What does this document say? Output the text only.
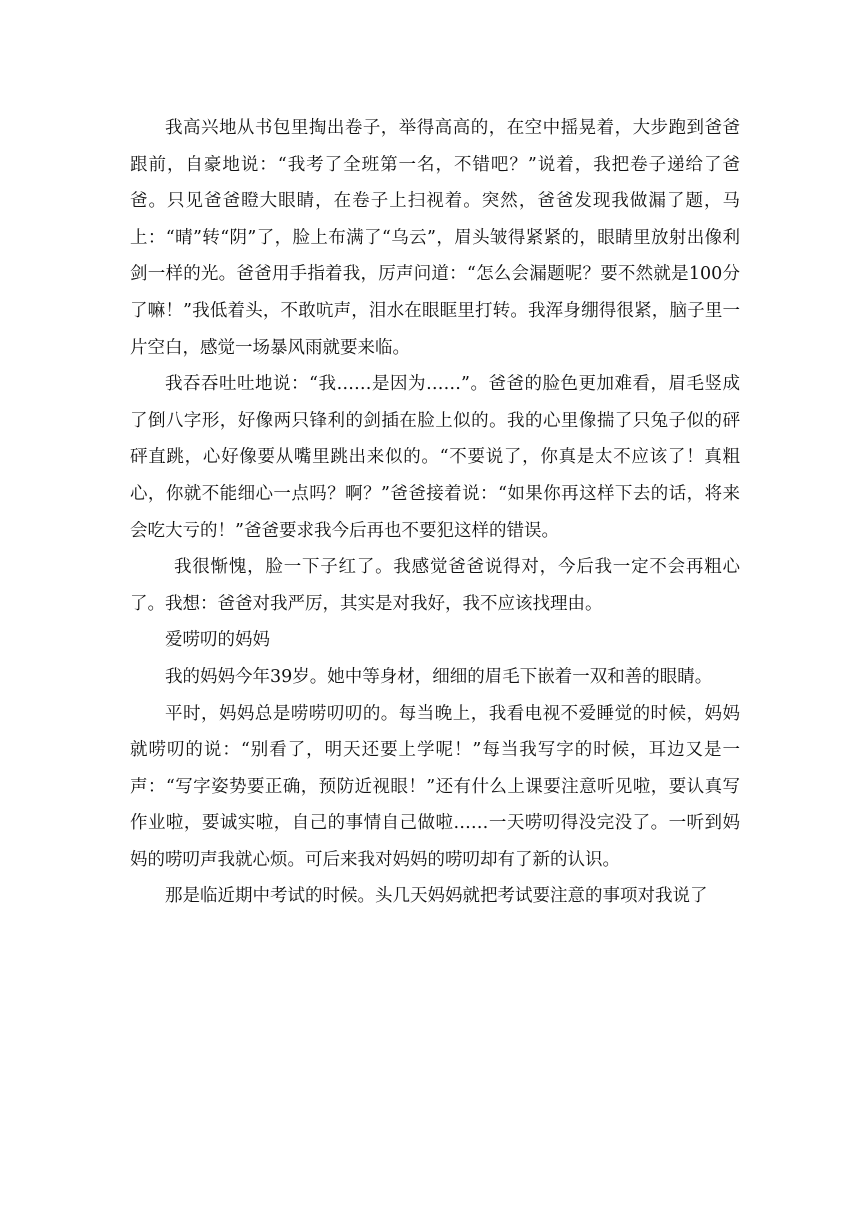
我高兴地从书包里掏出卷子，举得高高的，在空中摇晃着，大步跑到爸爸跟前，自豪地说：“我考了全班第一名，不错吧？”说着，我把卷子递给了爸爸。只见爸爸瞪大眼睛，在卷子上扫视着。突然，爸爸发现我做漏了题，马上：“晴”转“阴”了，脸上布满了“乌云”，眉头皱得紧紧的，眼睛里放射出像利剑一样的光。爸爸用手指着我，厉声问道：“怎么会漏题呢？要不然就是100分了嘛！”我低着头，不敢吭声，泪水在眼眶里打转。我浑身绷得很紧，脑子里一片空白，感觉一场暴风雨就要来临。

我吞吞吐吐地说：“我……是因为……”。爸爸的脸色更加难看，眉毛竖成了倒八字形，好像两只锋利的剑插在脸上似的。我的心里像揣了只兔子似的砰砰直跳，心好像要从嘴里跳出来似的。“不要说了，你真是太不应该了！真粗心，你就不能细心一点吗？啊？”爸爸接着说：“如果你再这样下去的话，将来会吃大亏的！”爸爸要求我今后再也不要犯这样的错误。

我很惭愧，脸一下子红了。我感觉爸爸说得对，今后我一定不会再粗心了。我想：爸爸对我严厉，其实是对我好，我不应该找理由。

爱唠叨的妈妈

我的妈妈今年39岁。她中等身材，细细的眉毛下嵌着一双和善的眼睛。

平时，妈妈总是唠唠叨叨的。每当晚上，我看电视不爱睡觉的时候，妈妈就唠叨的说：“别看了，明天还要上学呢！”每当我写字的时候，耳边又是一声：“写字姿势要正确，预防近视眼！”还有什么上课要注意听见啦，要认真写作业啦，要诚实啦，自己的事情自己做啦……一天唠叨得没完没了。一听到妈妈的唠叨声我就心烦。可后来我对妈妈的唠叨却有了新的认识。

那是临近期中考试的时候。头几天妈妈就把考试要注意的事项对我说了
